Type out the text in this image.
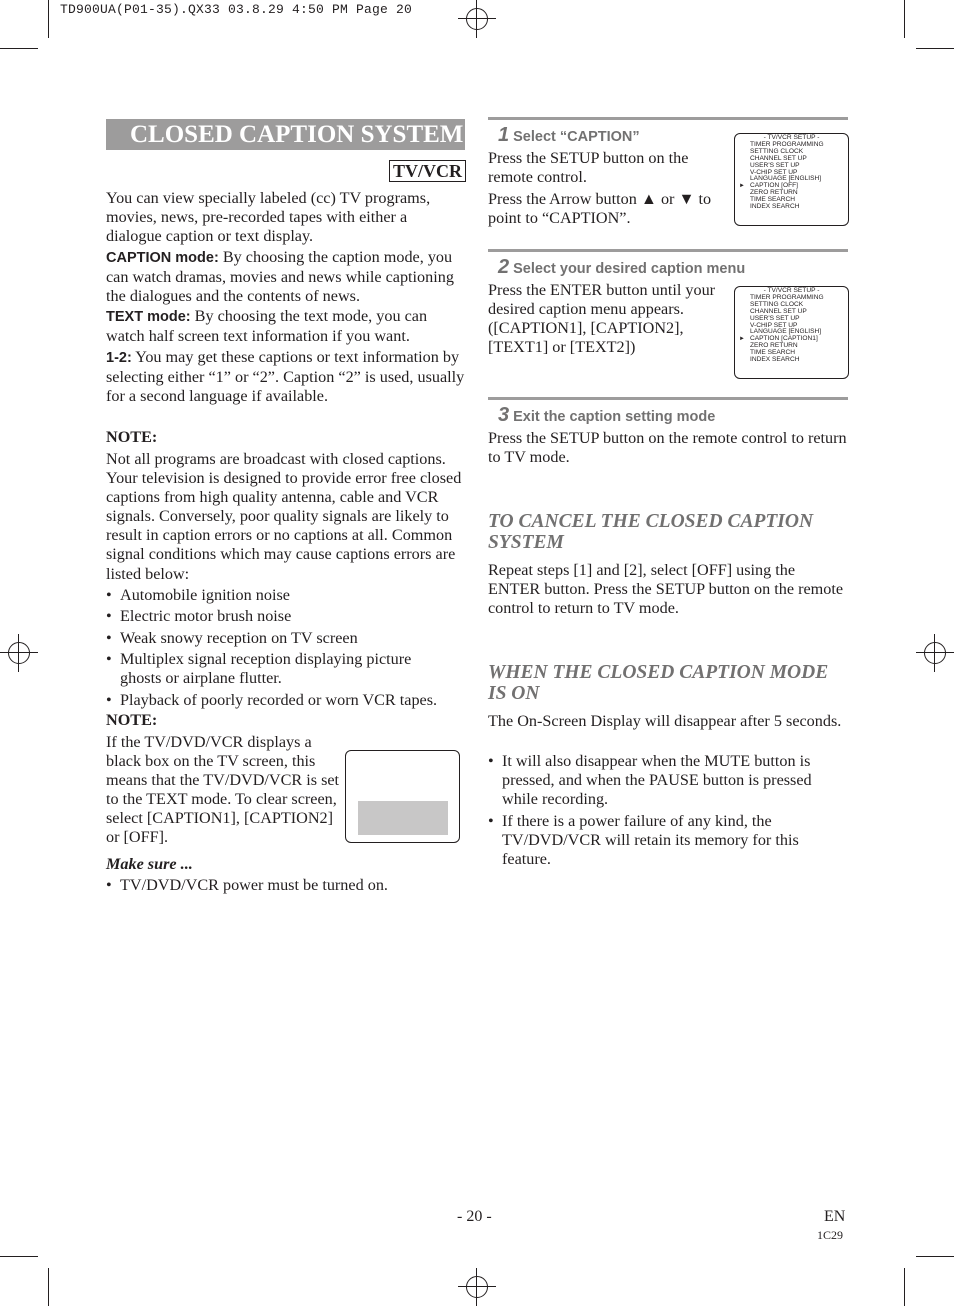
TD900UA(P01-35).QX33 03.8.29 4:50 PM Page 20
CLOSED CAPTION SYSTEM
TV/VCR
You can view specially labeled (cc) TV programs, movies, news, pre-recorded tapes with either a dialogue caption or text display.
CAPTION mode: By choosing the caption mode, you can watch dramas, movies and news while captioning the dialogues and the contents of news.
TEXT mode: By choosing the text mode, you can watch half screen text information if you want.
1-2: You may get these captions or text information by selecting either “1” or “2”. Caption “2” is used, usually for a second language if available.
NOTE:
Not all programs are broadcast with closed captions. Your television is designed to provide error free closed captions from high quality antenna, cable and VCR signals. Conversely, poor quality signals are likely to result in caption errors or no captions at all. Common signal conditions which may cause captions errors are listed below:
• Automobile ignition noise
• Electric motor brush noise
• Weak snowy reception on TV screen
• Multiplex signal reception displaying picture ghosts or airplane flutter.
• Playback of poorly recorded or worn VCR tapes.
NOTE:
If the TV/DVD/VCR displays a black box on the TV screen, this means that the TV/DVD/VCR is set to the TEXT mode. To clear screen, select [CAPTION1], [CAPTION2] or [OFF].
Make sure ...
• TV/DVD/VCR power must be turned on.
1 Select “CAPTION”
Press the SETUP button on the remote control.
Press the Arrow button ▲ or ▼ to point to “CAPTION”.
- TV/VCR SETUP -
TIMER PROGRAMMING
SETTING CLOCK
CHANNEL SET UP
USER'S SET UP
V-CHIP SET UP
LANGUAGE [ENGLISH]
► CAPTION [OFF]
ZERO RETURN
TIME SEARCH
INDEX SEARCH
2 Select your desired caption menu
Press the ENTER button until your desired caption menu appears. ([CAPTION1], [CAPTION2], [TEXT1] or [TEXT2])
- TV/VCR SETUP -
TIMER PROGRAMMING
SETTING CLOCK
CHANNEL SET UP
USER'S SET UP
V-CHIP SET UP
LANGUAGE [ENGLISH]
► CAPTION [CAPTION1]
ZERO RETURN
TIME SEARCH
INDEX SEARCH
3 Exit the caption setting mode
Press the SETUP button on the remote control to return to TV mode.
TO CANCEL THE CLOSED CAPTION SYSTEM
Repeat steps [1] and [2], select [OFF] using the ENTER button. Press the SETUP button on the remote control to return to TV mode.
WHEN THE CLOSED CAPTION MODE IS ON
The On-Screen Display will disappear after 5 seconds.
• It will also disappear when the MUTE button is pressed, and when the PAUSE button is pressed while recording.
• If there is a power failure of any kind, the TV/DVD/VCR will retain its memory for this feature.
- 20 -	EN
1C29
